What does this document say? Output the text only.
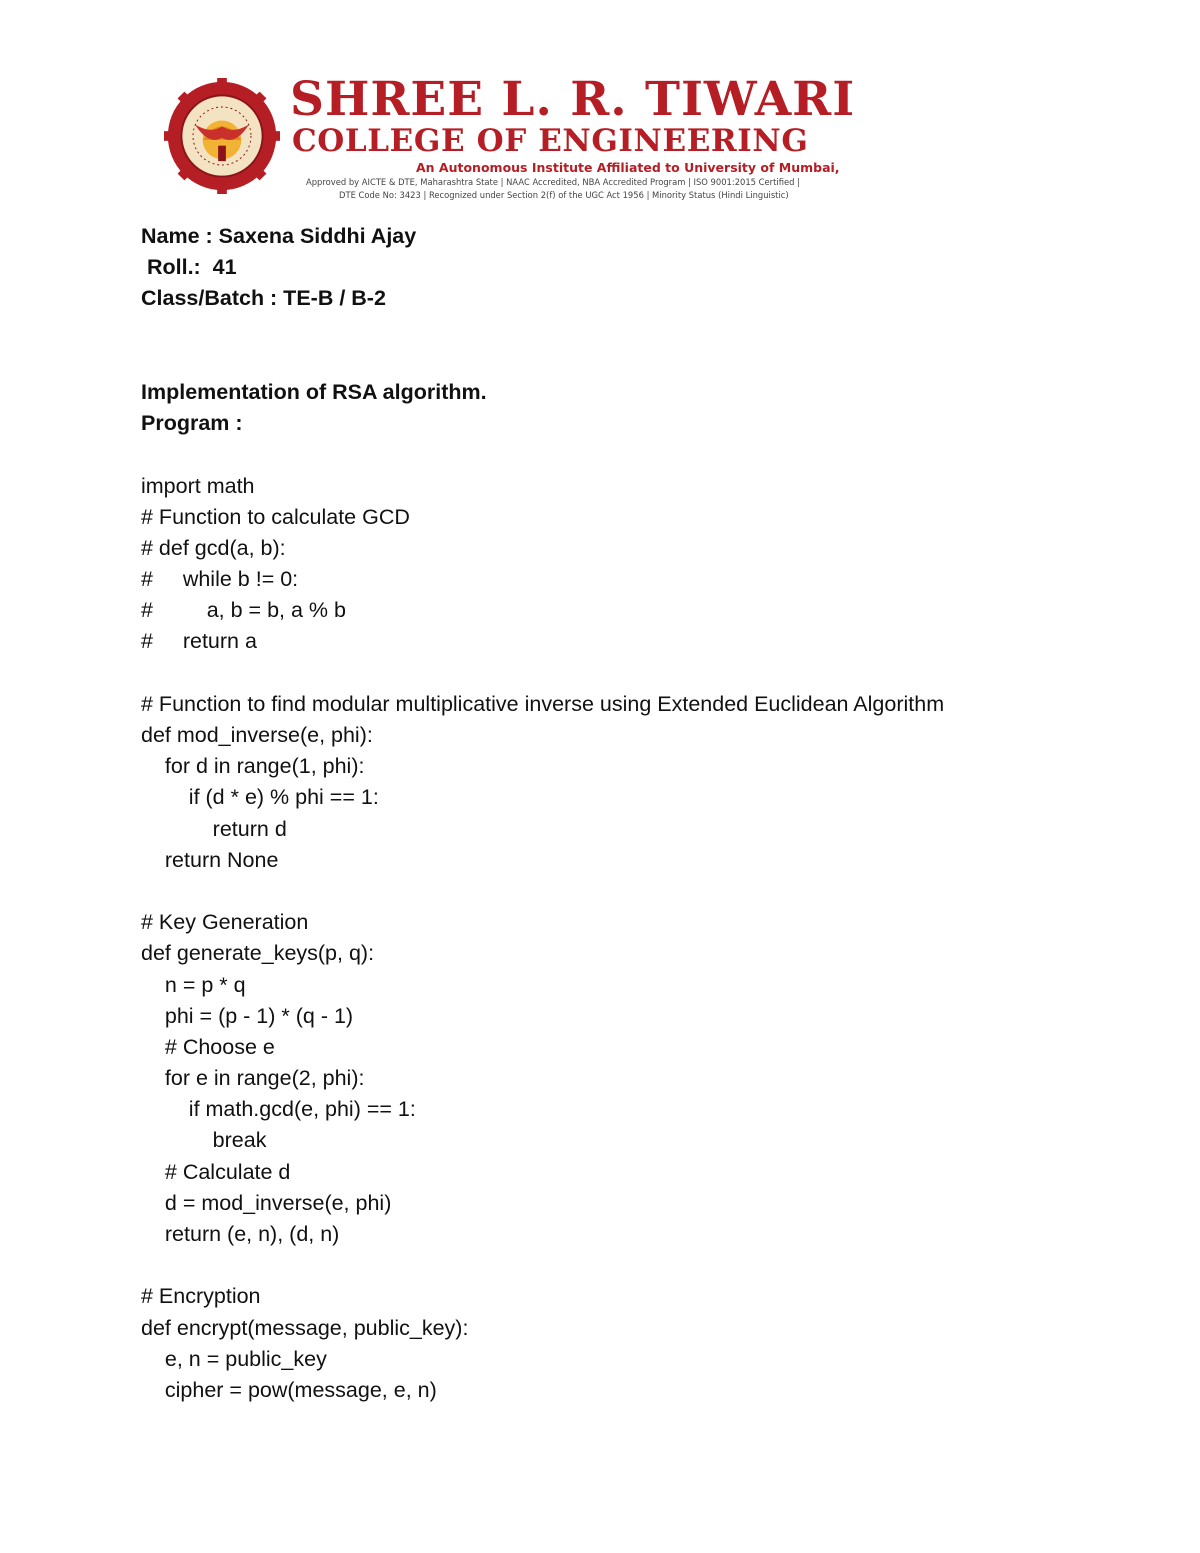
SHREE L. R. TIWARI
COLLEGE OF ENGINEERING
An Autonomous Institute Affiliated to University of Mumbai,
Approved by AICTE & DTE, Maharashtra State | NAAC Accredited, NBA Accredited Program | ISO 9001:2015 Certified |
DTE Code No: 3423 | Recognized under Section 2(f) of the UGC Act 1956 | Minority Status (Hindi Linguistic)
Name : Saxena Siddhi Ajay
Roll.:  41
Class/Batch : TE-B / B-2
Implementation of RSA algorithm.
Program :
import math
# Function to calculate GCD
# def gcd(a, b):
#     while b != 0:
#         a, b = b, a % b
#     return a
# Function to find modular multiplicative inverse using Extended Euclidean Algorithm
def mod_inverse(e, phi):
for d in range(1, phi):
if (d * e) % phi == 1:
return d
return None
# Key Generation
def generate_keys(p, q):
n = p * q
phi = (p - 1) * (q - 1)
# Choose e
for e in range(2, phi):
if math.gcd(e, phi) == 1:
break
# Calculate d
d = mod_inverse(e, phi)
return (e, n), (d, n)
# Encryption
def encrypt(message, public_key):
e, n = public_key
cipher = pow(message, e, n)
